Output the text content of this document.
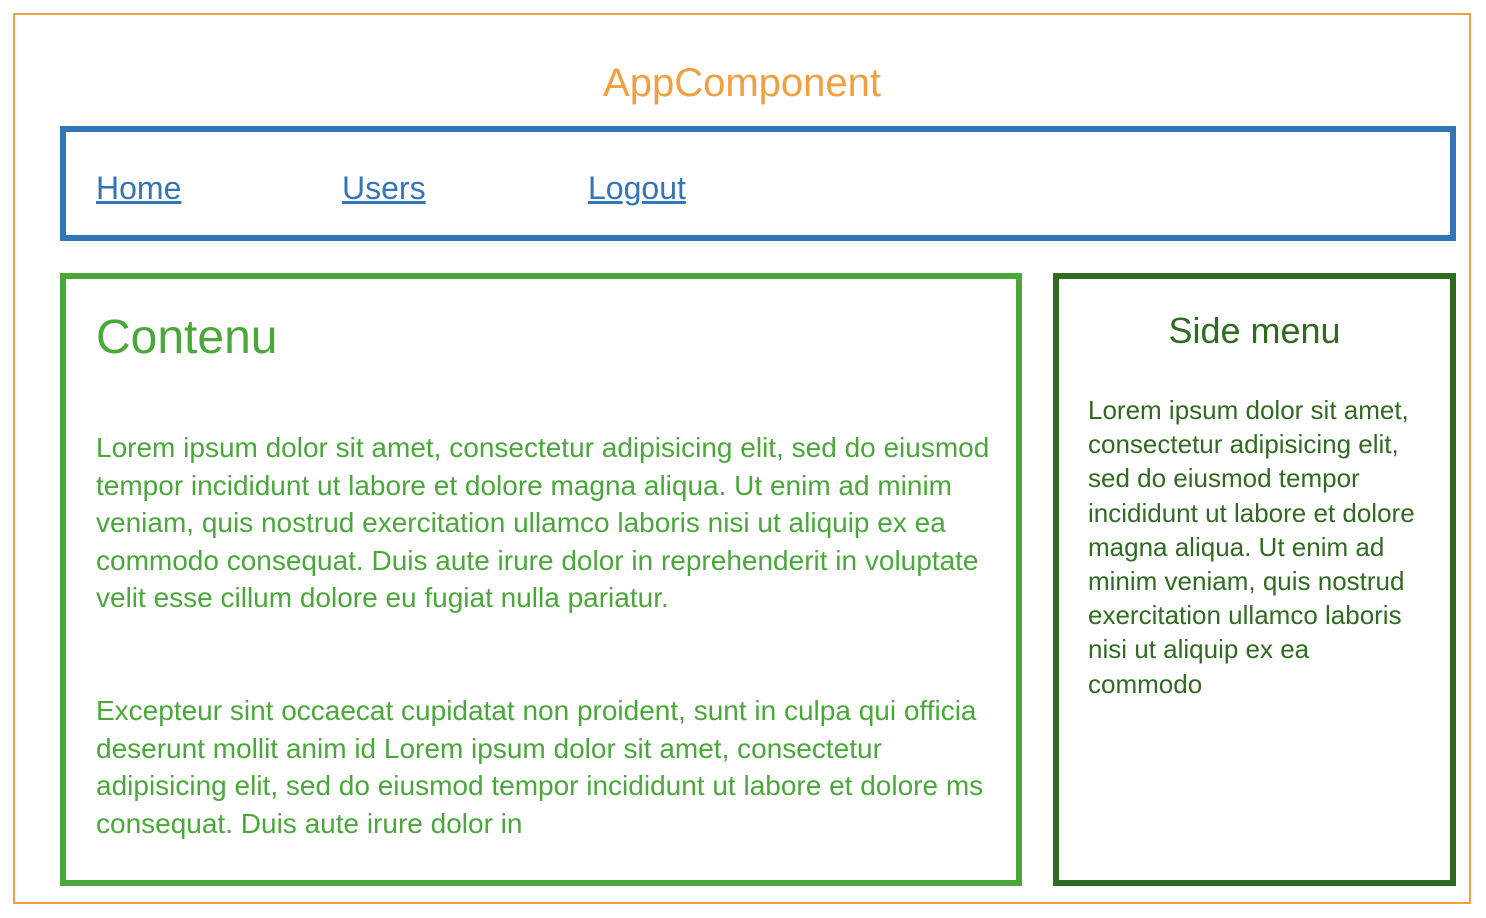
AppComponent
Home	Users	Logout
Contenu

Lorem ipsum dolor sit amet, consectetur adipisicing elit, sed do eiusmod tempor incididunt ut labore et dolore magna aliqua. Ut enim ad minim veniam, quis nostrud exercitation ullamco laboris nisi ut aliquip ex ea commodo consequat. Duis aute irure dolor in reprehenderit in voluptate velit esse cillum dolore eu fugiat nulla pariatur.

Excepteur sint occaecat cupidatat non proident, sunt in culpa qui officia deserunt mollit anim id Lorem ipsum dolor sit amet, consectetur adipisicing elit, sed do eiusmod tempor incididunt ut labore et dolore ms consequat. Duis aute irure dolor in

Side menu

Lorem ipsum dolor sit amet, consectetur adipisicing elit, sed do eiusmod tempor incididunt ut labore et dolore magna aliqua. Ut enim ad minim veniam, quis nostrud exercitation ullamco laboris nisi ut aliquip ex ea commodo
